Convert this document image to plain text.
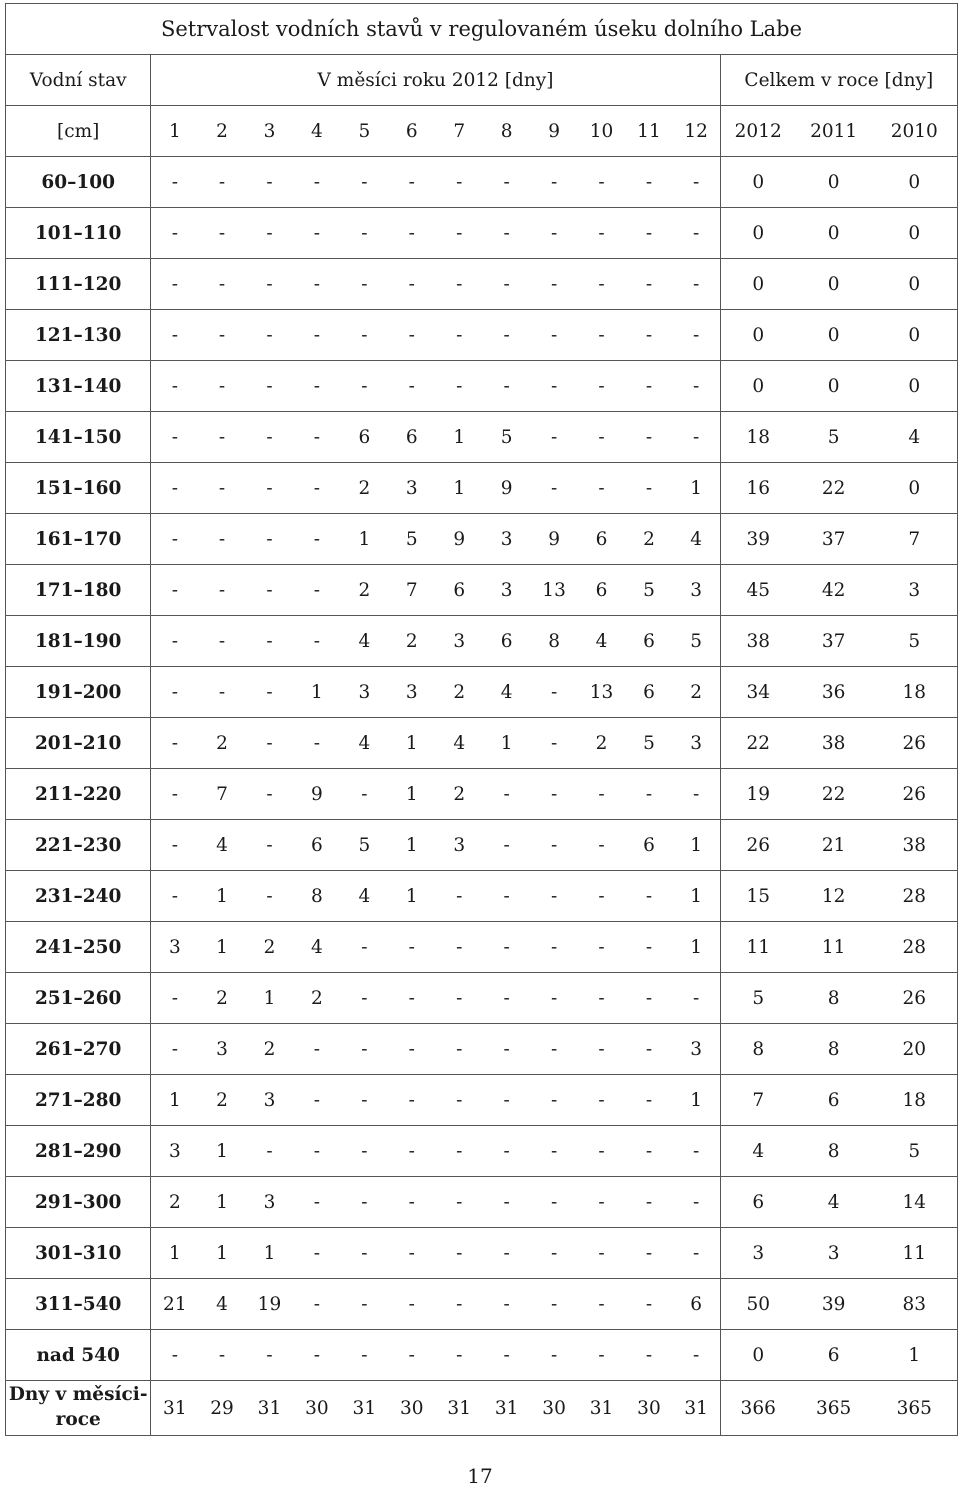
Setrvalost vodních stavů v regulovaném úseku dolního Labe															
Vodní stav	V měsíci roku 2012 [dny]												Celkem v roce [dny]		
[cm]	1	2	3	4	5	6	7	8	9	10	11	12	2012	2011	2010
60–100	-	-	-	-	-	-	-	-	-	-	-	-	0	0	0
101–110	-	-	-	-	-	-	-	-	-	-	-	-	0	0	0
111–120	-	-	-	-	-	-	-	-	-	-	-	-	0	0	0
121–130	-	-	-	-	-	-	-	-	-	-	-	-	0	0	0
131–140	-	-	-	-	-	-	-	-	-	-	-	-	0	0	0
141–150	-	-	-	-	6	6	1	5	-	-	-	-	18	5	4
151–160	-	-	-	-	2	3	1	9	-	-	-	1	16	22	0
161–170	-	-	-	-	1	5	9	3	9	6	2	4	39	37	7
171–180	-	-	-	-	2	7	6	3	13	6	5	3	45	42	3
181–190	-	-	-	-	4	2	3	6	8	4	6	5	38	37	5
191–200	-	-	-	1	3	3	2	4	-	13	6	2	34	36	18
201–210	-	2	-	-	4	1	4	1	-	2	5	3	22	38	26
211–220	-	7	-	9	-	1	2	-	-	-	-	-	19	22	26
221–230	-	4	-	6	5	1	3	-	-	-	6	1	26	21	38
231–240	-	1	-	8	4	1	-	-	-	-	-	1	15	12	28
241–250	3	1	2	4	-	-	-	-	-	-	-	1	11	11	28
251–260	-	2	1	2	-	-	-	-	-	-	-	-	5	8	26
261–270	-	3	2	-	-	-	-	-	-	-	-	3	8	8	20
271–280	1	2	3	-	-	-	-	-	-	-	-	1	7	6	18
281–290	3	1	-	-	-	-	-	-	-	-	-	-	4	8	5
291–300	2	1	3	-	-	-	-	-	-	-	-	-	6	4	14
301–310	1	1	1	-	-	-	-	-	-	-	-	-	3	3	11
311–540	21	4	19	-	-	-	-	-	-	-	-	6	50	39	83
nad 540	-	-	-	-	-	-	-	-	-	-	-	-	0	6	1
Dny v měsíci-roce	31	29	31	30	31	30	31	31	30	31	30	31	366	365	365
17
